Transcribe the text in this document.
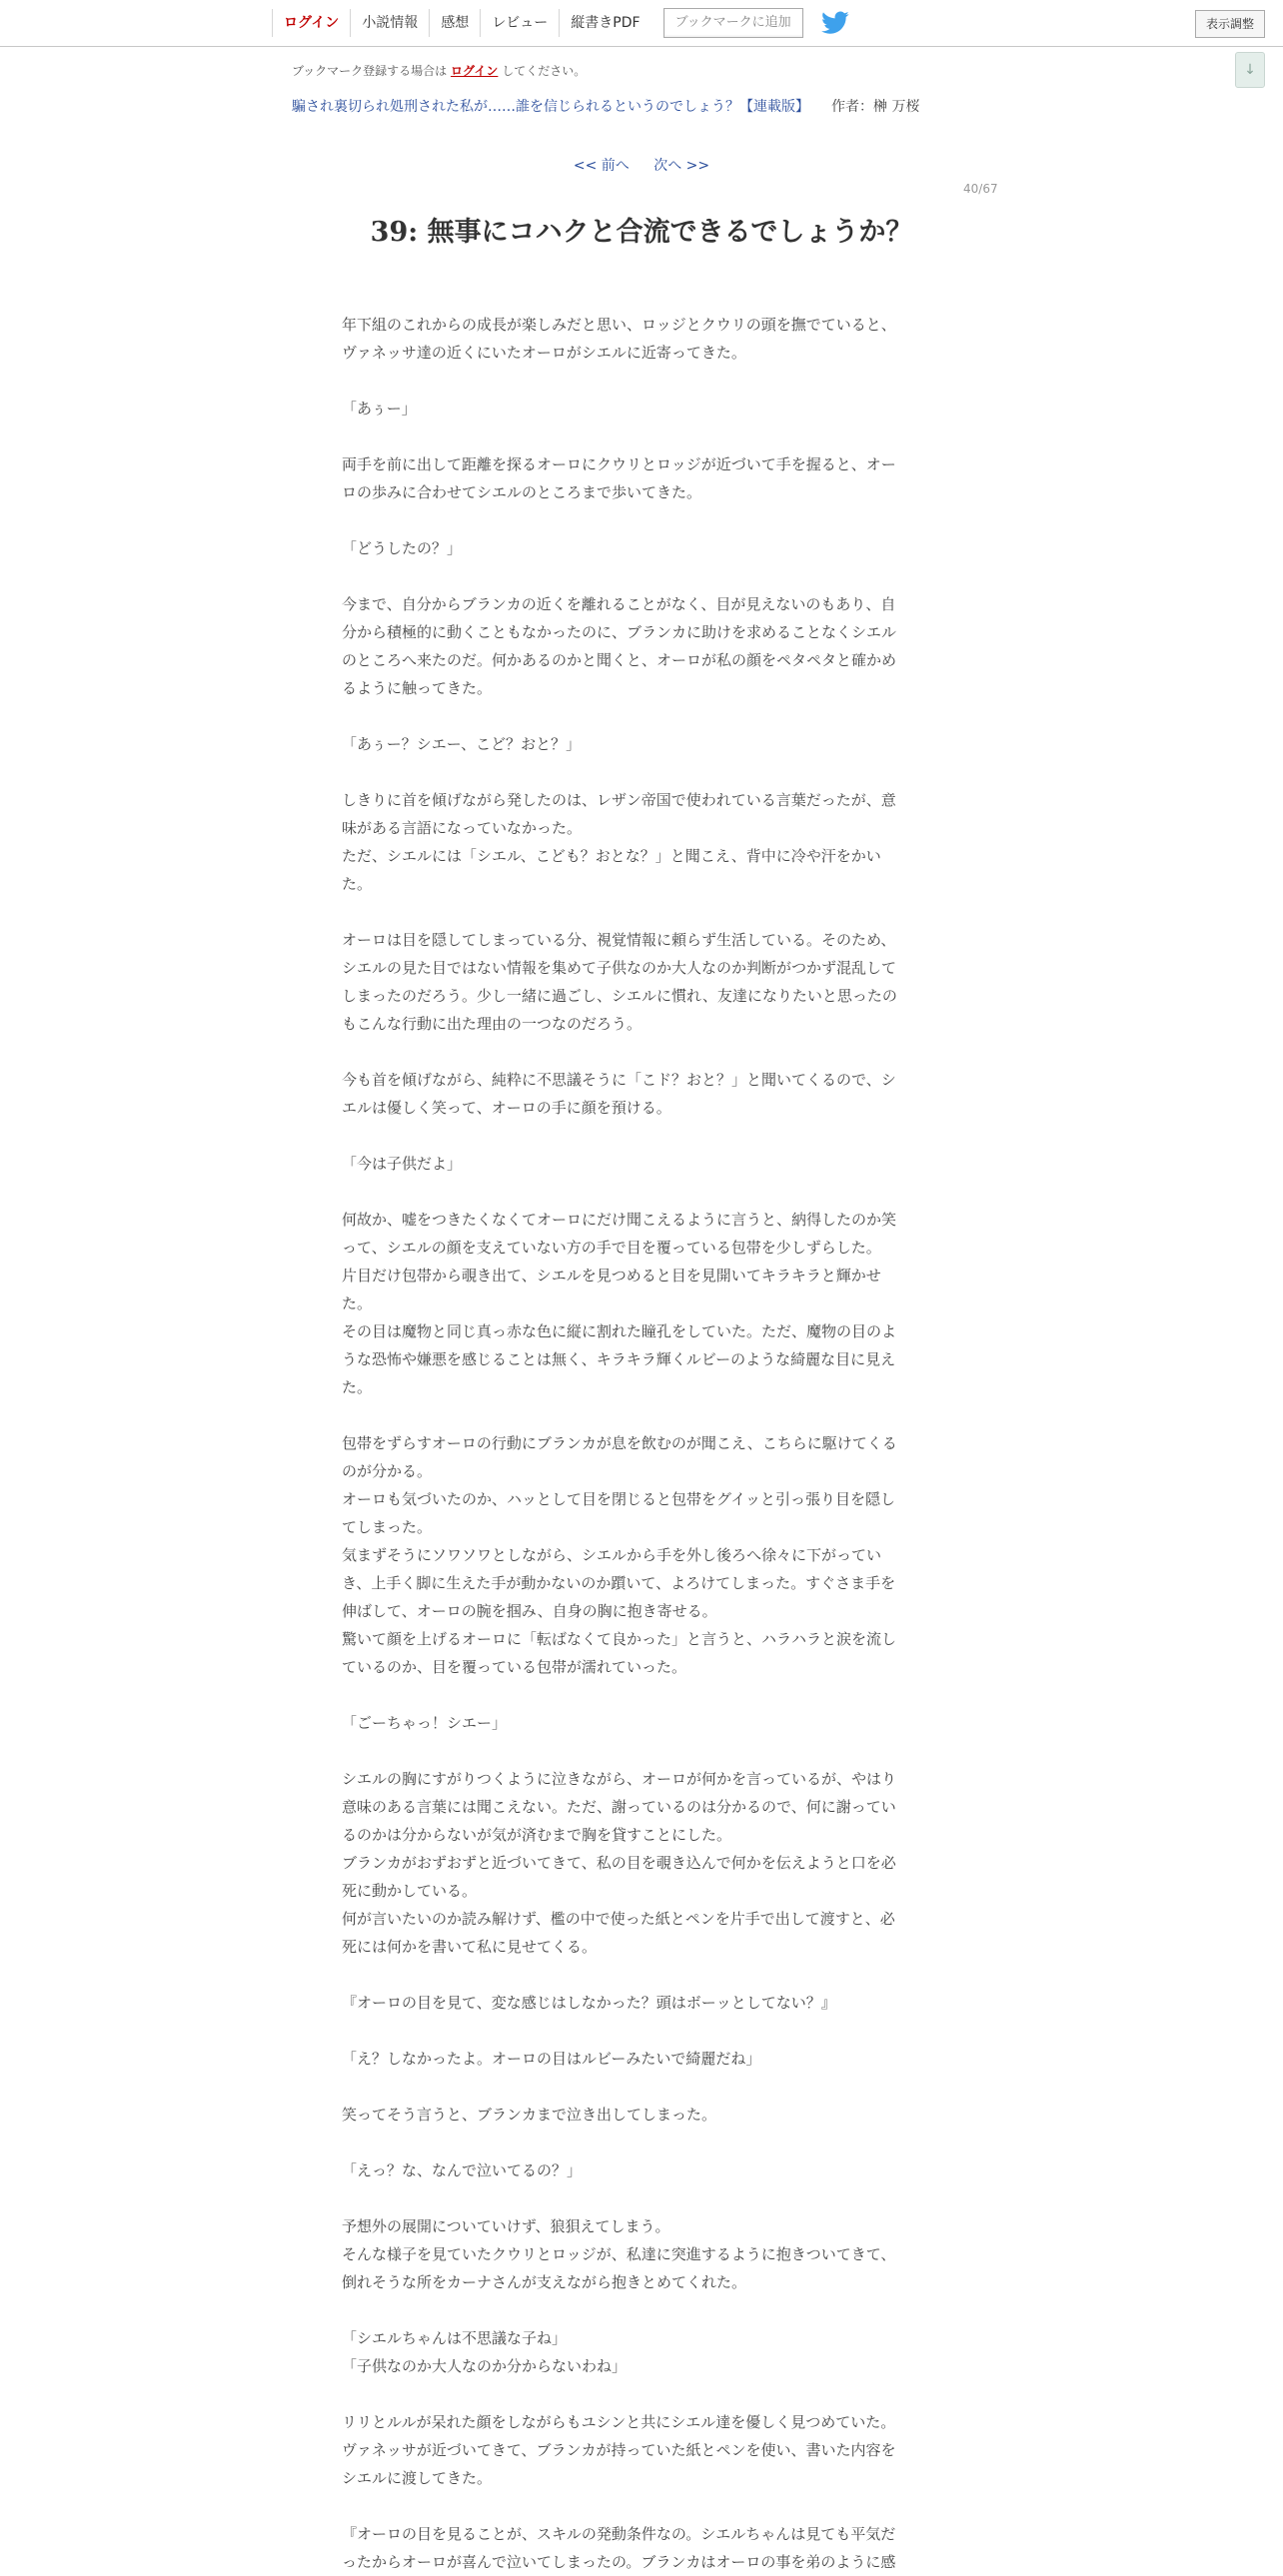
ログイン	小説情報	感想	レビュー	縦書きPDF	ブックマークに追加	表示調整
↓
ブックマーク登録する場合は ログイン してください。
騙され裏切られ処刑された私が……誰を信じられるというのでしょう？【連載版】 作者：榊 万桜
<< 前へ 次へ >>
40/67
39: 無事にコハクと合流できるでしょうか？

年下組のこれからの成長が楽しみだと思い、ロッジとクウリの頭を撫でていると、

ヴァネッサ達の近くにいたオーロがシエルに近寄ってきた。

「あぅー」

両手を前に出して距離を探るオーロにクウリとロッジが近づいて手を握ると、オー

ロの歩みに合わせてシエルのところまで歩いてきた。

「どうしたの？」

今まで、自分からブランカの近くを離れることがなく、目が見えないのもあり、自

分から積極的に動くこともなかったのに、ブランカに助けを求めることなくシエル

のところへ来たのだ。何かあるのかと聞くと、オーロが私の顔をペタペタと確かめ

るように触ってきた。

「あぅー？シエー、こど？おと？」

しきりに首を傾げながら発したのは、レザン帝国で使われている言葉だったが、意

味がある言語になっていなかった。

ただ、シエルには「シエル、こども？おとな？」と聞こえ、背中に冷や汗をかい

た。

オーロは目を隠してしまっている分、視覚情報に頼らず生活している。そのため、

シエルの見た目ではない情報を集めて子供なのか大人なのか判断がつかず混乱して

しまったのだろう。少し一緒に過ごし、シエルに慣れ、友達になりたいと思ったの

もこんな行動に出た理由の一つなのだろう。

今も首を傾げながら、純粋に不思議そうに「こド？おと？」と聞いてくるので、シ

エルは優しく笑って、オーロの手に顔を預ける。

「今は子供だよ」

何故か、嘘をつきたくなくてオーロにだけ聞こえるように言うと、納得したのか笑

って、シエルの顔を支えていない方の手で目を覆っている包帯を少しずらした。

片目だけ包帯から覗き出て、シエルを見つめると目を見開いてキラキラと輝かせ

た。

その目は魔物と同じ真っ赤な色に縦に割れた瞳孔をしていた。ただ、魔物の目のよ

うな恐怖や嫌悪を感じることは無く、キラキラ輝くルビーのような綺麗な目に見え

た。

包帯をずらすオーロの行動にブランカが息を飲むのが聞こえ、こちらに駆けてくる

のが分かる。

オーロも気づいたのか、ハッとして目を閉じると包帯をグイッと引っ張り目を隠し

てしまった。

気まずそうにソワソワとしながら、シエルから手を外し後ろへ徐々に下がってい

き、上手く脚に生えた手が動かないのか躓いて、よろけてしまった。すぐさま手を

伸ばして、オーロの腕を掴み、自身の胸に抱き寄せる。

驚いて顔を上げるオーロに「転ばなくて良かった」と言うと、ハラハラと涙を流し

ているのか、目を覆っている包帯が濡れていった。

「ごーちゃっ！シエー」

シエルの胸にすがりつくように泣きながら、オーロが何かを言っているが、やはり

意味のある言葉には聞こえない。ただ、謝っているのは分かるので、何に謝ってい

るのかは分からないが気が済むまで胸を貸すことにした。

ブランカがおずおずと近づいてきて、私の目を覗き込んで何かを伝えようと口を必

死に動かしている。

何が言いたいのか読み解けず、檻の中で使った紙とペンを片手で出して渡すと、必

死には何かを書いて私に見せてくる。

『オーロの目を見て、変な感じはしなかった？頭はボーッとしてない？』

「え？しなかったよ。オーロの目はルビーみたいで綺麗だね」

笑ってそう言うと、ブランカまで泣き出してしまった。

「えっ？な、なんで泣いてるの？」

予想外の展開についていけず、狼狽えてしまう。

そんな様子を見ていたクウリとロッジが、私達に突進するように抱きついてきて、

倒れそうな所をカーナさんが支えながら抱きとめてくれた。

「シエルちゃんは不思議な子ね」

「子供なのか大人なのか分からないわね」

リリとルルが呆れた顔をしながらもユシンと共にシエル達を優しく見つめていた。

ヴァネッサが近づいてきて、ブランカが持っていた紙とペンを使い、書いた内容を

シエルに渡してきた。

『オーロの目を見ることが、スキルの発動条件なの。シエルちゃんは見ても平気だ

ったからオーロが喜んで泣いてしまったの。ブランカはオーロの事を弟のように感
